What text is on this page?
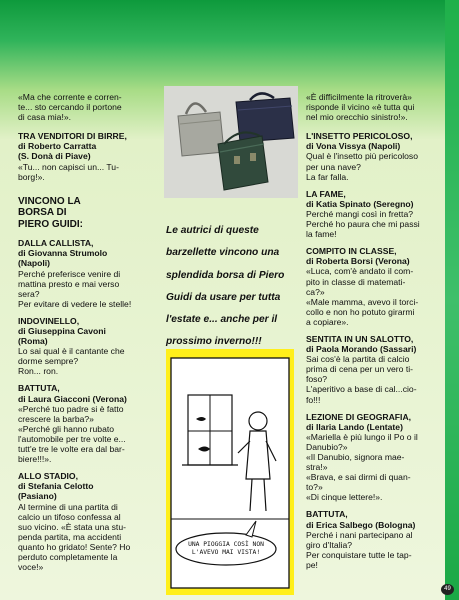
«Ma che corrente e corren-

te... sto cercando il portone

di casa mia!».

TRA VENDITORI DI BIRRE,

di Roberto Carratta

(S. Donà di Piave)

«Tu... non capisci un... Tu-

borg!».

VINCONO LA

BORSA DI

PIERO GUIDI:

DALLA CALLISTA,

di Giovanna Strumolo

(Napoli)

Perché preferisce venire di

mattina presto e mai verso

sera?

Per evitare di vedere le stelle!

INDOVINELLO,

di Giuseppina Cavoni

(Roma)

Lo sai qual è il cantante che

dorme sempre?

Ron... ron.

BATTUTA,

di Laura Giacconi (Verona)

«Perché tuo padre si è fatto

crescere la barba?»

«Perché gli hanno rubato

l'automobile per tre volte e...

tutt'e tre le volte era dal bar-

biere!!!».

ALLO STADIO,

di Stefania Celotto

(Pasiano)

Al termine di una partita di

calcio un tifoso confessa al

suo vicino. «È stata una stu-

penda partita, ma accidenti

quanto ho gridato! Sente? Ho

perduto completamente la

voce!»

Le autrici di queste

barzellette vincono una

splendida borsa di Piero

Guidi da usare per tutta

l'estate e... anche per il

prossimo inverno!!!

UNA PIOGGIA COSÌ NON

L'AVEVO MAI VISTA!

«È difficilmente la ritroverà»

risponde il vicino «è tutta qui

nel mio orecchio sinistro!».

L'INSETTO PERICOLOSO,

di Vona Vissya (Napoli)

Qual è l'insetto più pericoloso

per una nave?

La far falla.

LA FAME,

di Katia Spinato (Seregno)

Perché mangi così in fretta?

Perché ho paura che mi passi

la fame!

COMPITO IN CLASSE,

di Roberta Borsi (Verona)

«Luca, com'è andato il com-

pito in classe di matemati-

ca?»

«Male mamma, avevo il torci-

collo e non ho potuto girarmi

a copiare».

SENTITA IN UN SALOTTO,

di Paola Morando (Sassari)

Sai cos'è la partita di calcio

prima di cena per un vero ti-

foso?

L'aperitivo a base di cal...cio-

fo!!!

LEZIONE DI GEOGRAFIA,

di Ilaria Lando (Lentate)

«Mariella è più lungo il Po o il

Danubio?»

«Il Danubio, signora mae-

stra!»

«Brava, e sai dirmi di quan-

to?»

«Di cinque lettere!».

BATTUTA,

di Erica Salbego (Bologna)

Perché i nani partecipano al

giro d'Italia?

Per conquistare tutte le tap-

pe!

49
